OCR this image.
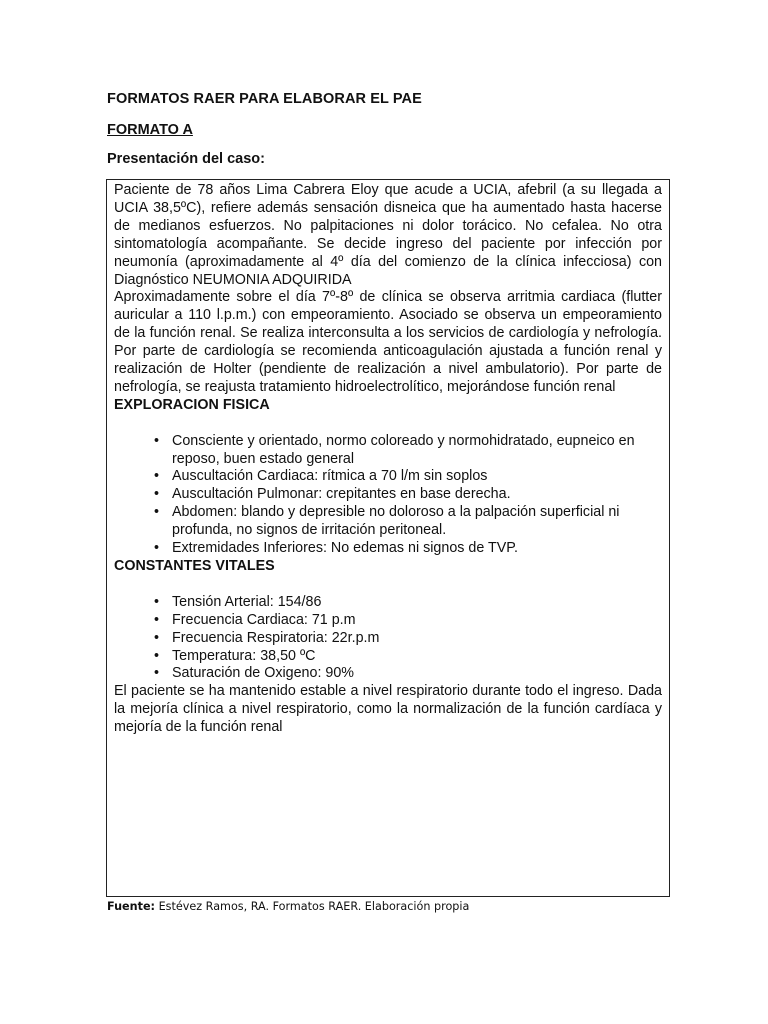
FORMATOS RAER PARA ELABORAR EL PAE
FORMATO A
Presentación del caso:

Paciente de 78 años Lima Cabrera Eloy que acude a UCIA, afebril (a su llegada a UCIA 38,5ºC), refiere además sensación disneica que ha aumentado hasta hacerse de medianos esfuerzos. No palpitaciones ni dolor torácico. No cefalea. No otra sintomatología acompañante. Se decide ingreso del paciente por infección por neumonía (aproximadamente al 4º día del comienzo de la clínica infecciosa) con Diagnóstico NEUMONIA ADQUIRIDA

Aproximadamente sobre el día 7º-8º de clínica se observa arritmia cardiaca (flutter auricular a 110 l.p.m.) con empeoramiento. Asociado se observa un empeoramiento de la función renal. Se realiza interconsulta a los servicios de cardiología y nefrología. Por parte de cardiología se recomienda anticoagulación ajustada a función renal y realización de Holter (pendiente de realización a nivel ambulatorio). Por parte de nefrología, se reajusta tratamiento hidroelectrolítico, mejorándose función renal

EXPLORACION FISICA

• Consciente y orientado, normo coloreado y normohidratado, eupneico en reposo, buen estado general
• Auscultación Cardiaca: rítmica a 70 l/m sin soplos
• Auscultación Pulmonar: crepitantes en base derecha.
• Abdomen: blando y depresible no doloroso a la palpación superficial ni profunda, no signos de irritación peritoneal.
• Extremidades Inferiores: No edemas ni signos de TVP.

CONSTANTES VITALES

• Tensión Arterial: 154/86
• Frecuencia Cardiaca: 71 p.m
• Frecuencia Respiratoria: 22r.p.m
• Temperatura: 38,50 ºC
• Saturación de Oxigeno: 90%

El paciente se ha mantenido estable a nivel respiratorio durante todo el ingreso. Dada la mejoría clínica a nivel respiratorio, como la normalización de la función cardíaca y mejoría de la función renal

Fuente: Estévez Ramos, RA. Formatos RAER. Elaboración propia
